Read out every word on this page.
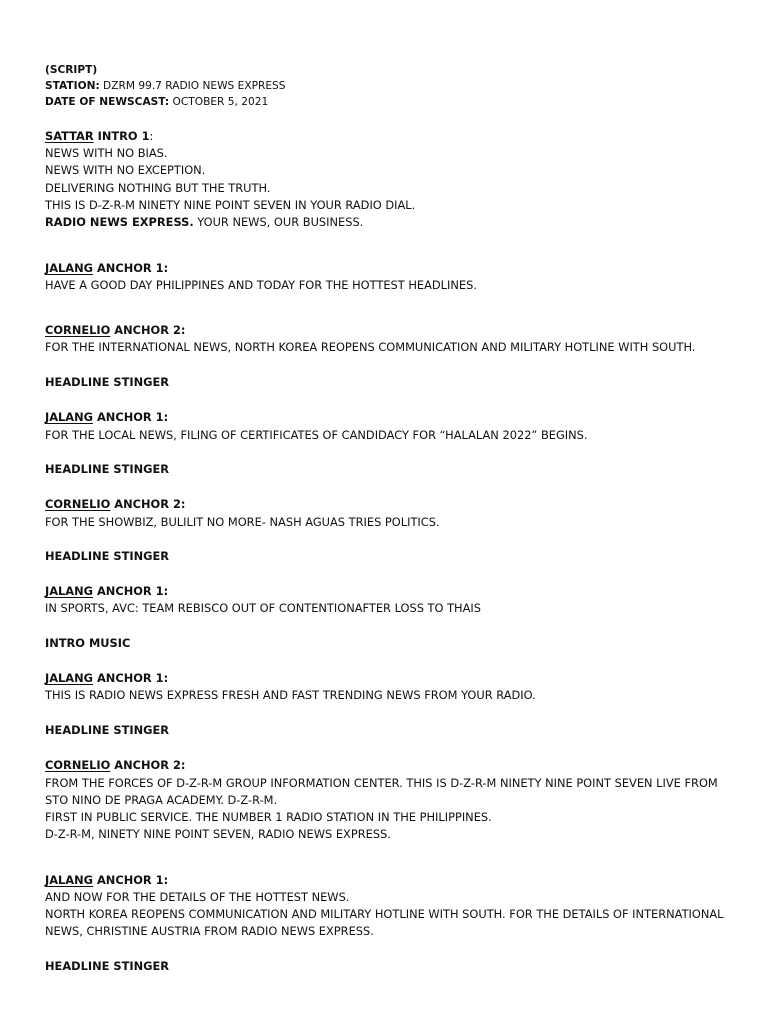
(SCRIPT)
STATION: DZRM 99.7 RADIO NEWS EXPRESS
DATE OF NEWSCAST: OCTOBER 5, 2021
SATTAR INTRO 1:
NEWS WITH NO BIAS.
NEWS WITH NO EXCEPTION.
DELIVERING NOTHING BUT THE TRUTH.
THIS IS D-Z-R-M NINETY NINE POINT SEVEN IN YOUR RADIO DIAL.
RADIO NEWS EXPRESS. YOUR NEWS, OUR BUSINESS.
JALANG ANCHOR 1:
HAVE A GOOD DAY PHILIPPINES AND TODAY FOR THE HOTTEST HEADLINES.
CORNELIO ANCHOR 2:
FOR THE INTERNATIONAL NEWS, NORTH KOREA REOPENS COMMUNICATION AND MILITARY HOTLINE WITH SOUTH.
HEADLINE STINGER
JALANG ANCHOR 1:
FOR THE LOCAL NEWS, FILING OF CERTIFICATES OF CANDIDACY FOR “HALALAN 2022” BEGINS.
HEADLINE STINGER
CORNELIO ANCHOR 2:
FOR THE SHOWBIZ, BULILIT NO MORE- NASH AGUAS TRIES POLITICS.
HEADLINE STINGER
JALANG ANCHOR 1:
IN SPORTS, AVC: TEAM REBISCO OUT OF CONTENTIONAFTER LOSS TO THAIS
INTRO MUSIC
JALANG ANCHOR 1:
THIS IS RADIO NEWS EXPRESS FRESH AND FAST TRENDING NEWS FROM YOUR RADIO.
HEADLINE STINGER
CORNELIO ANCHOR 2:
FROM THE FORCES OF D-Z-R-M GROUP INFORMATION CENTER. THIS IS D-Z-R-M NINETY NINE POINT SEVEN LIVE FROM
STO NINO DE PRAGA ACADEMY. D-Z-R-M.
FIRST IN PUBLIC SERVICE. THE NUMBER 1 RADIO STATION IN THE PHILIPPINES.
D-Z-R-M, NINETY NINE POINT SEVEN, RADIO NEWS EXPRESS.
JALANG ANCHOR 1:
AND NOW FOR THE DETAILS OF THE HOTTEST NEWS.
NORTH KOREA REOPENS COMMUNICATION AND MILITARY HOTLINE WITH SOUTH. FOR THE DETAILS OF INTERNATIONAL
NEWS, CHRISTINE AUSTRIA FROM RADIO NEWS EXPRESS.
HEADLINE STINGER
